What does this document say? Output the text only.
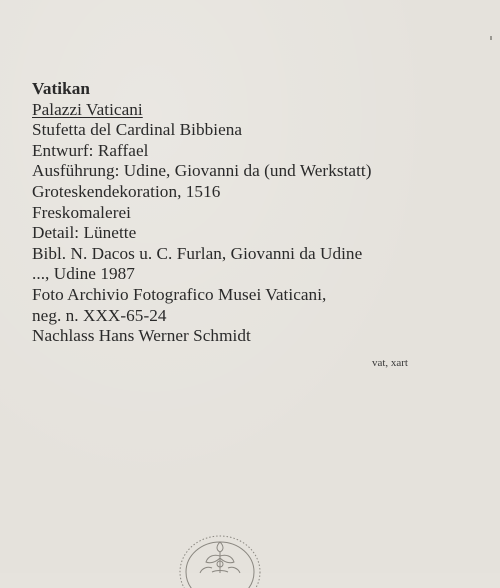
Vatikan
Palazzi Vaticani
Stufetta del Cardinal Bibbiena
Entwurf: Raffael
Ausführung: Udine, Giovanni da (und Werkstatt)
Groteskendekoration, 1516
Freskomalerei
Detail: Lünette
Bibl. N. Dacos u. C. Furlan, Giovanni da Udine
..., Udine 1987
Foto Archivio Fotografico Musei Vaticani,
neg. n. XXX-65-24
Nachlass Hans Werner Schmidt
vat, xart
